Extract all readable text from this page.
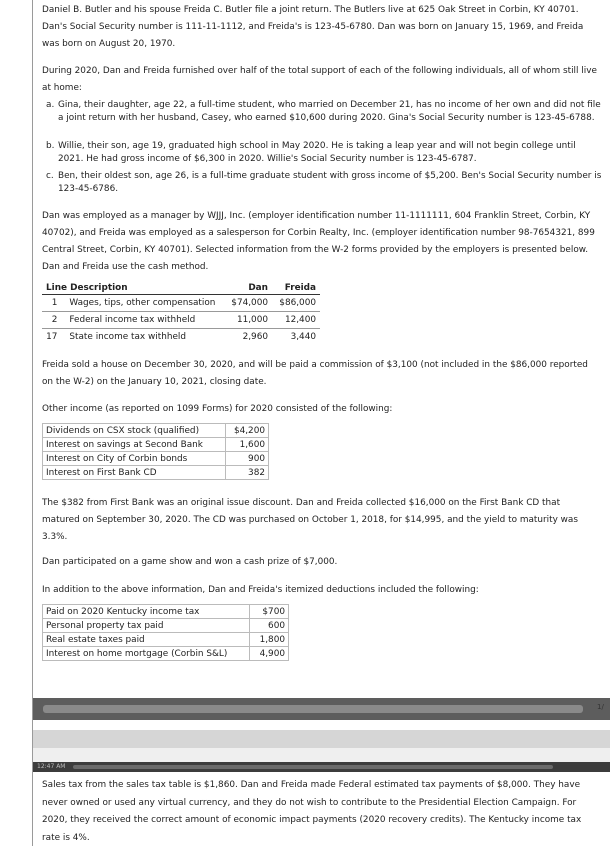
Daniel B. Butler and his spouse Freida C. Butler file a joint return. The Butlers live at 625 Oak Street in Corbin, KY 40701. Dan's Social Security number is 111-11-1112, and Freida's is 123-45-6780. Dan was born on January 15, 1969, and Freida was born on August 20, 1970.

During 2020, Dan and Freida furnished over half of the total support of each of the following individuals, all of whom still live at home:

a. Gina, their daughter, age 22, a full-time student, who married on December 21, has no income of her own and did not file a joint return with her husband, Casey, who earned $10,600 during 2020. Gina's Social Security number is 123-45-6788.
b. Willie, their son, age 19, graduated high school in May 2020. He is taking a leap year and will not begin college until 2021. He had gross income of $6,300 in 2020. Willie's Social Security number is 123-45-6787.
c. Ben, their oldest son, age 26, is a full-time graduate student with gross income of $5,200. Ben's Social Security number is 123-45-6786.

Dan was employed as a manager by WJJJ, Inc. (employer identification number 11-1111111, 604 Franklin Street, Corbin, KY 40702), and Freida was employed as a salesperson for Corbin Realty, Inc. (employer identification number 98-7654321, 899 Central Street, Corbin, KY 40701). Selected information from the W-2 forms provided by the employers is presented below. Dan and Freida use the cash method.

Line Description		Dan	Freida
1	Wages, tips, other compensation	$74,000	$86,000
2	Federal income tax withheld	11,000	12,400
17	State income tax withheld	2,960	3,440

Freida sold a house on December 30, 2020, and will be paid a commission of $3,100 (not included in the $86,000 reported on the W-2) on the January 10, 2021, closing date.

Other income (as reported on 1099 Forms) for 2020 consisted of the following:

Dividends on CSX stock (qualified)	$4,200
Interest on savings at Second Bank	1,600
Interest on City of Corbin bonds	900
Interest on First Bank CD	382

The $382 from First Bank was an original issue discount. Dan and Freida collected $16,000 on the First Bank CD that matured on September 30, 2020. The CD was purchased on October 1, 2018, for $14,995, and the yield to maturity was 3.3%.

Dan participated on a game show and won a cash prize of $7,000.

In addition to the above information, Dan and Freida's itemized deductions included the following:

Paid on 2020 Kentucky income tax	$700
Personal property tax paid	600
Real estate taxes paid	1,800
Interest on home mortgage (Corbin S&L)	4,900
1/
12:47 AM

Sales tax from the sales tax table is $1,860. Dan and Freida made Federal estimated tax payments of $8,000. They have never owned or used any virtual currency, and they do not wish to contribute to the Presidential Election Campaign. For 2020, they received the correct amount of economic impact payments (2020 recovery credits). The Kentucky income tax rate is 4%.
